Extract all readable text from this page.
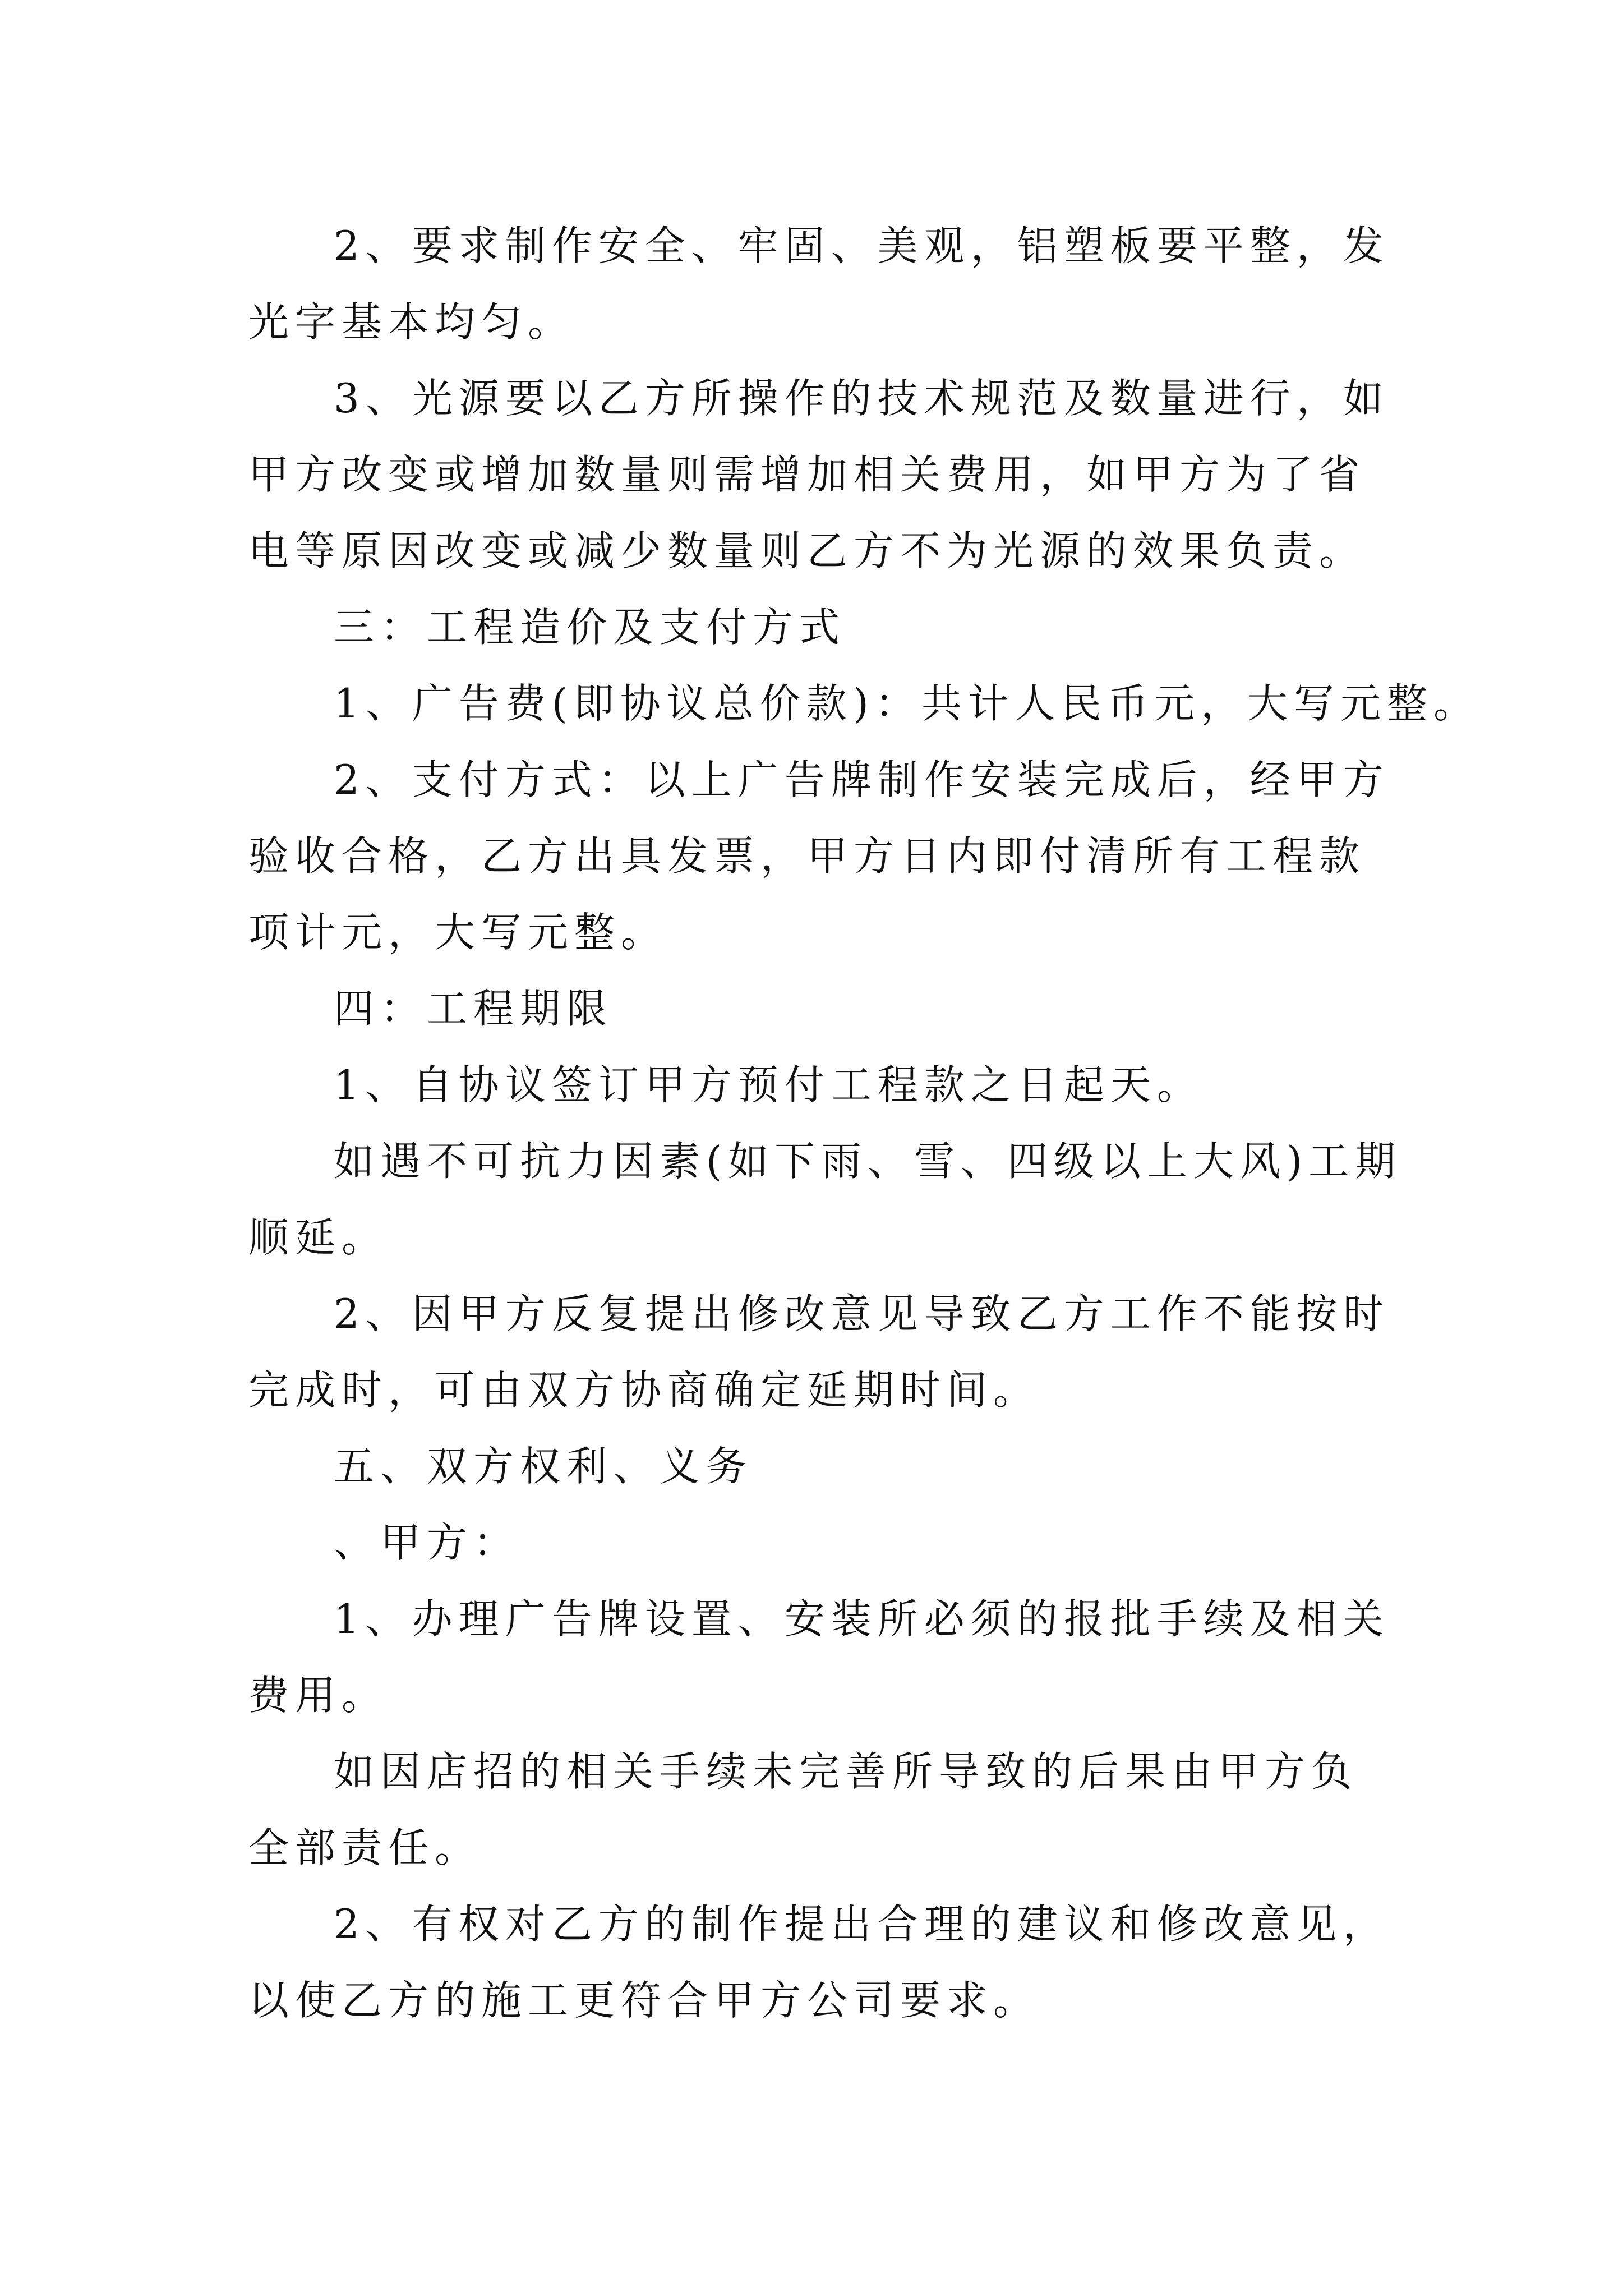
2、要求制作安全、牢固、美观，铝塑板要平整，发光字基本均匀。

3、光源要以乙方所操作的技术规范及数量进行，如甲方改变或增加数量则需增加相关费用，如甲方为了省电等原因改变或减少数量则乙方不为光源的效果负责。

三：工程造价及支付方式

1、广告费(即协议总价款)：共计人民币元，大写元整。

2、支付方式：以上广告牌制作安装完成后，经甲方验收合格，乙方出具发票，甲方日内即付清所有工程款项计元，大写元整。

四：工程期限

1、自协议签订甲方预付工程款之日起天。

如遇不可抗力因素(如下雨、雪、四级以上大风)工期顺延。

2、因甲方反复提出修改意见导致乙方工作不能按时完成时，可由双方协商确定延期时间。

五、双方权利、义务

、甲方：

1、办理广告牌设置、安装所必须的报批手续及相关费用。

如因店招的相关手续未完善所导致的后果由甲方负全部责任。

2、有权对乙方的制作提出合理的建议和修改意见，以使乙方的施工更符合甲方公司要求。
